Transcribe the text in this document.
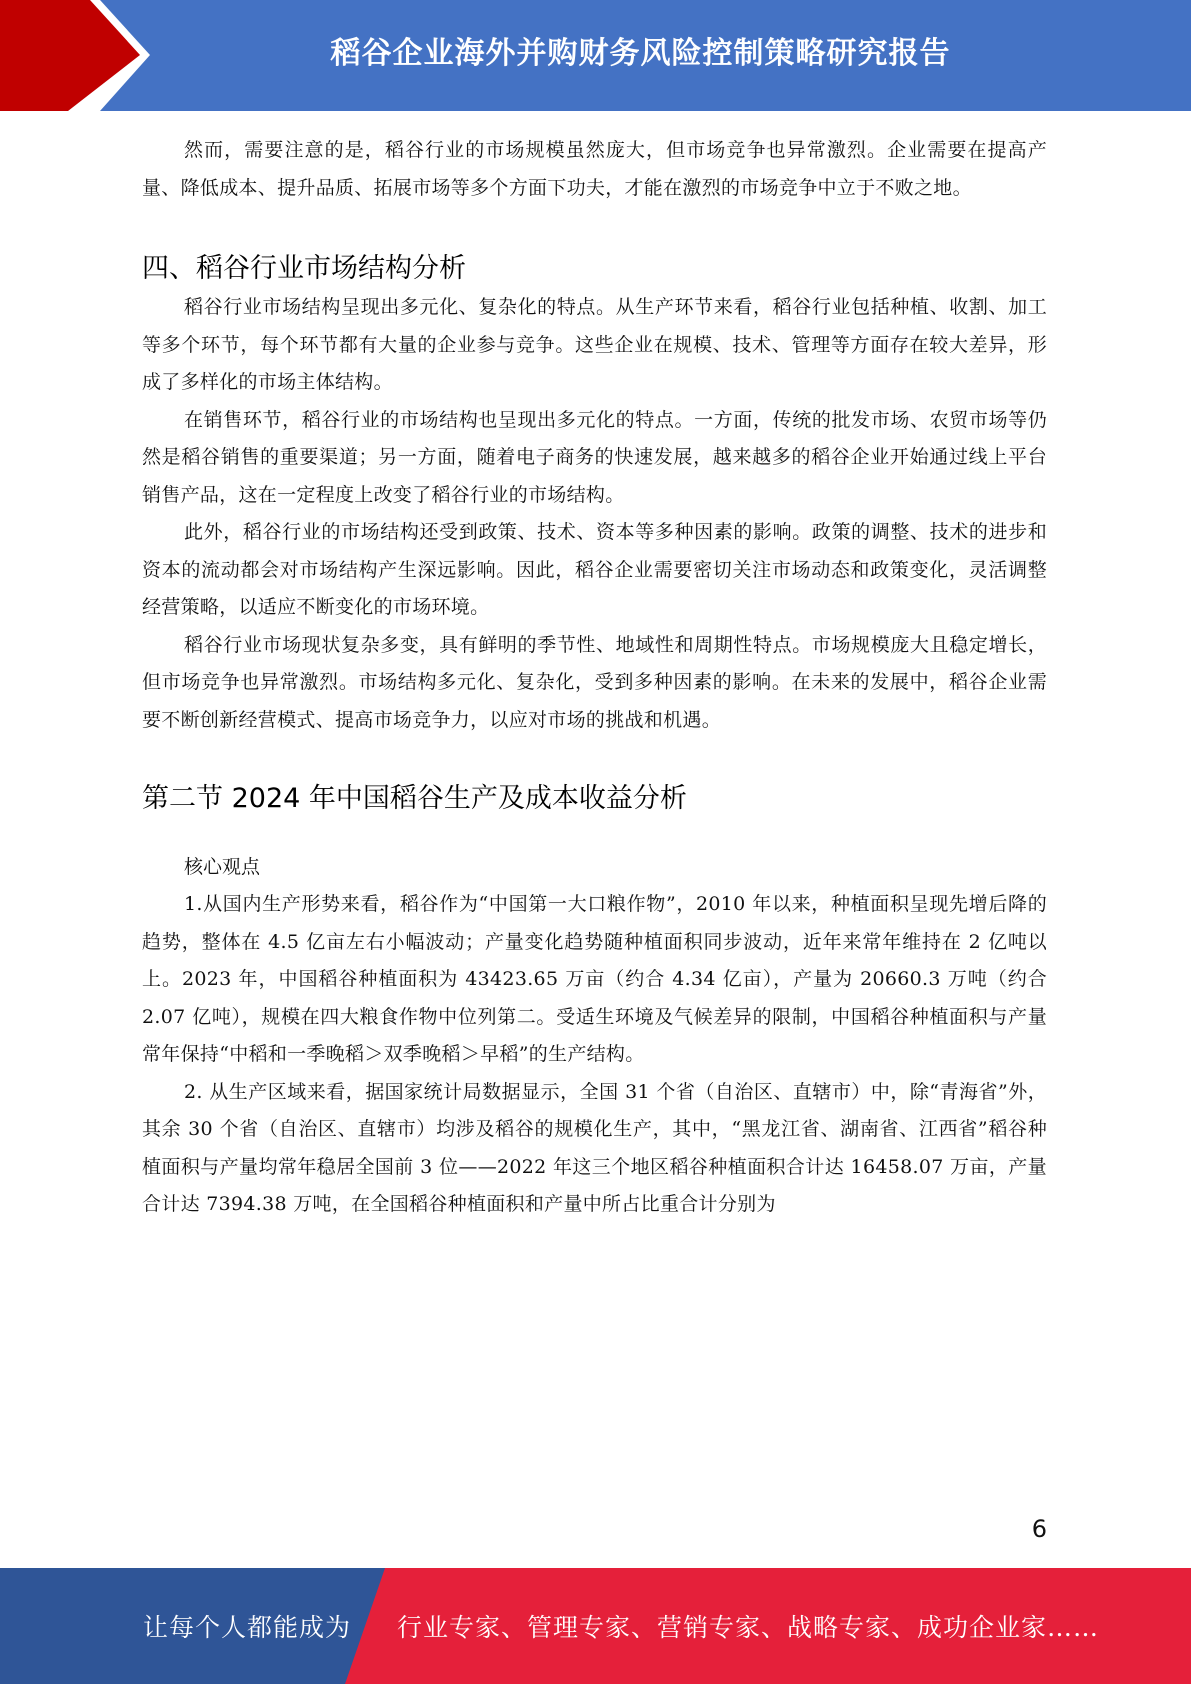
稻谷企业海外并购财务风险控制策略研究报告

然而，需要注意的是，稻谷行业的市场规模虽然庞大，但市场竞争也异常激烈。企业需要在提高产量、降低成本、提升品质、拓展市场等多个方面下功夫，才能在激烈的市场竞争中立于不败之地。

四、稻谷行业市场结构分析

稻谷行业市场结构呈现出多元化、复杂化的特点。从生产环节来看，稻谷行业包括种植、收割、加工等多个环节，每个环节都有大量的企业参与竞争。这些企业在规模、技术、管理等方面存在较大差异，形成了多样化的市场主体结构。

在销售环节，稻谷行业的市场结构也呈现出多元化的特点。一方面，传统的批发市场、农贸市场等仍然是稻谷销售的重要渠道；另一方面，随着电子商务的快速发展，越来越多的稻谷企业开始通过线上平台销售产品，这在一定程度上改变了稻谷行业的市场结构。

此外，稻谷行业的市场结构还受到政策、技术、资本等多种因素的影响。政策的调整、技术的进步和资本的流动都会对市场结构产生深远影响。因此，稻谷企业需要密切关注市场动态和政策变化，灵活调整经营策略，以适应不断变化的市场环境。

稻谷行业市场现状复杂多变，具有鲜明的季节性、地域性和周期性特点。市场规模庞大且稳定增长，但市场竞争也异常激烈。市场结构多元化、复杂化，受到多种因素的影响。在未来的发展中，稻谷企业需要不断创新经营模式、提高市场竞争力，以应对市场的挑战和机遇。

第二节 2024 年中国稻谷生产及成本收益分析
核心观点

1.从国内生产形势来看，稻谷作为“中国第一大口粮作物”，2010 年以来，种植面积呈现先增后降的趋势，整体在 4.5 亿亩左右小幅波动；产量变化趋势随种植面积同步波动，近年来常年维持在 2 亿吨以上。2023 年，中国稻谷种植面积为 43423.65 万亩（约合 4.34 亿亩），产量为 20660.3 万吨（约合 2.07 亿吨），规模在四大粮食作物中位列第二。受适生环境及气候差异的限制，中国稻谷种植面积与产量常年保持“中稻和一季晚稻＞双季晚稻＞早稻”的生产结构。

2. 从生产区域来看，据国家统计局数据显示，全国 31 个省（自治区、直辖市）中，除“青海省”外，其余 30 个省（自治区、直辖市）均涉及稻谷的规模化生产，其中，“黑龙江省、湖南省、江西省”稻谷种植面积与产量均常年稳居全国前 3 位——2022 年这三个地区稻谷种植面积合计达 16458.07 万亩，产量合计达 7394.38 万吨，在全国稻谷种植面积和产量中所占比重合计分别为

6
让每个人都能成为 行业专家、管理专家、营销专家、战略专家、成功企业家……
